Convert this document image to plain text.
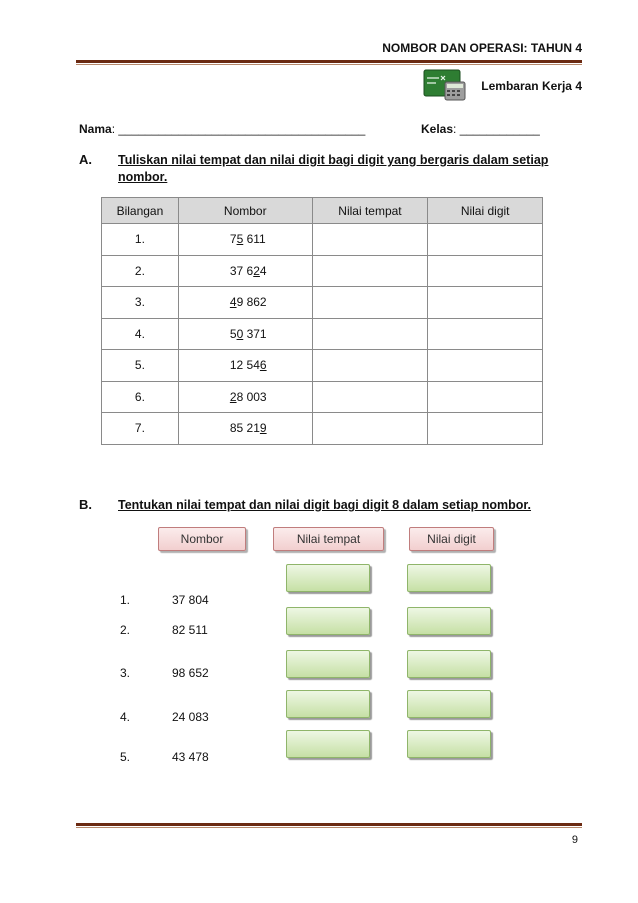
NOMBOR DAN OPERASI: TAHUN 4
Lembaran Kerja 4
Nama: _____________________________________	Kelas: ____________
A. Tuliskan nilai tempat dan nilai digit bagi digit yang bergaris dalam setiap nombor.
Bilangan	Nombor	Nilai tempat	Nilai digit
1.	75 611		
2.	37 624		
3.	49 862		
4.	50 371		
5.	12 546		
6.	28 003		
7.	85 219		
B. Tentukan nilai tempat dan nilai digit bagi digit 8 dalam setiap nombor.
Nombor	Nilai tempat	Nilai digit
1.	37 804
2.	82 511
3.	98 652
4.	24 083
5.	43 478
9
